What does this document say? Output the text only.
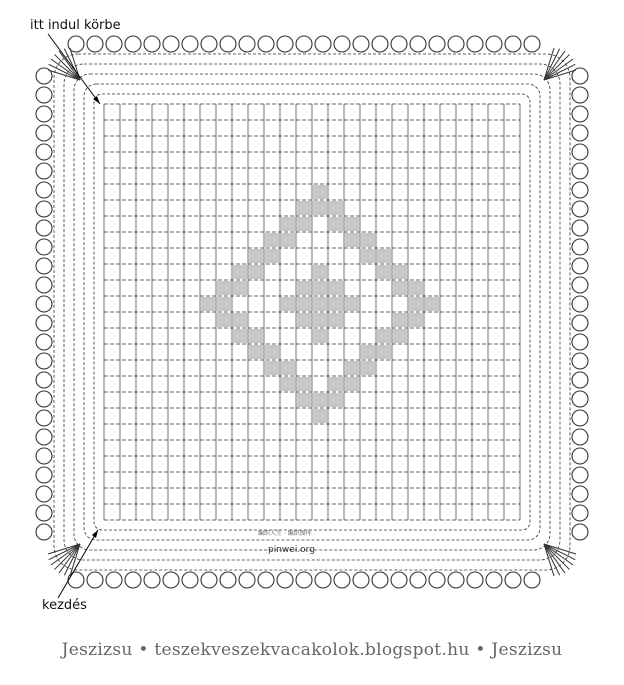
itt indul körbe
kezdés
编织人生 · 编织图库
pinwei.org
Jeszizsu • teszekveszekvacakolok.blogspot.hu • Jeszizsu
